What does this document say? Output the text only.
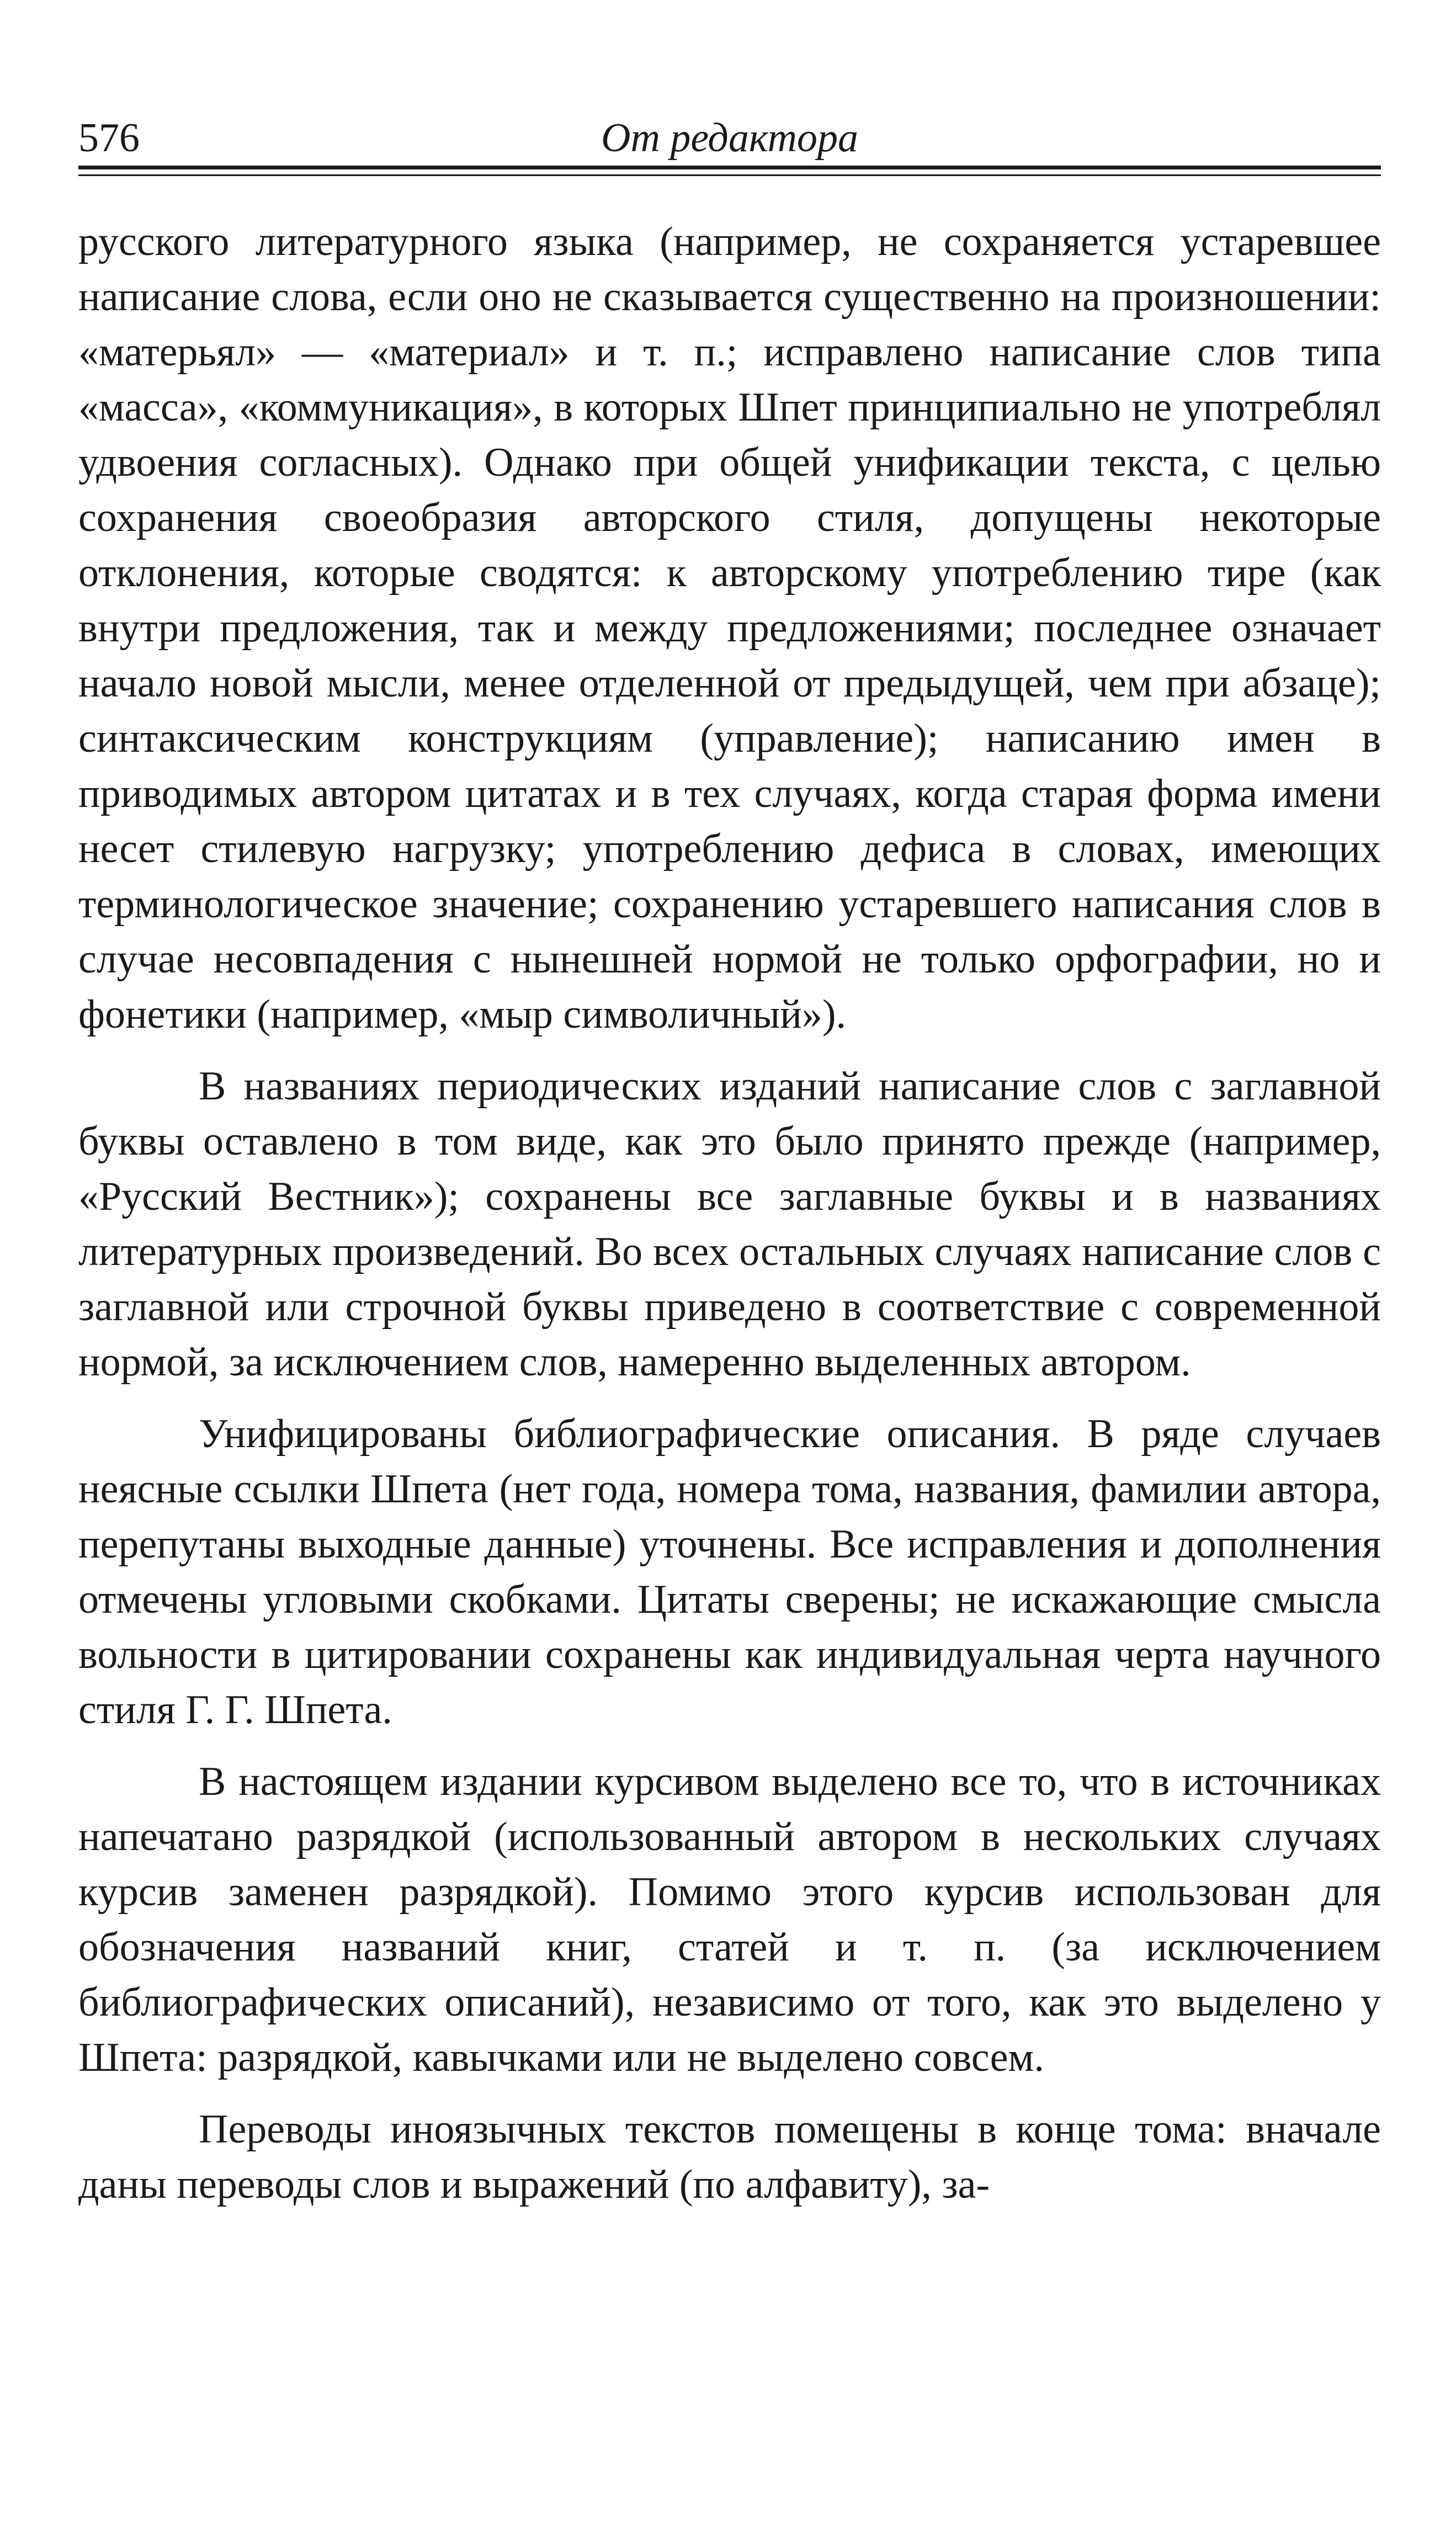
576	От редактора

русского литературного языка (например, не сохраняется устаревшее написание слова, если оно не сказывается существенно на произношении: «матерьял» — «материал» и т. п.; исправлено написание слов типа «масса», «коммуникация», в которых Шпет принципиально не употреблял удвоения согласных). Однако при общей унификации текста, с целью сохранения своеобразия авторского стиля, допущены некоторые отклонения, которые сводятся: к авторскому употреблению тире (как внутри предложения, так и между предложениями; последнее означает начало новой мысли, менее отделенной от предыдущей, чем при абзаце); синтаксическим конструкциям (управление); написанию имен в приводимых автором цитатах и в тех случаях, когда старая форма имени несет стилевую нагрузку; употреблению дефиса в словах, имеющих терминологическое значение; сохранению устаревшего написания слов в случае несовпадения с нынешней нормой не только орфографии, но и фонетики (например, «мыр символичный»).

В названиях периодических изданий написание слов с заглавной буквы оставлено в том виде, как это было принято прежде (например, «Русский Вестник»); сохранены все заглавные буквы и в названиях литературных произведений. Во всех остальных случаях написание слов с заглавной или строчной буквы приведено в соответствие с современной нормой, за исключением слов, намеренно выделенных автором.

Унифицированы библиографические описания. В ряде случаев неясные ссылки Шпета (нет года, номера тома, названия, фамилии автора, перепутаны выходные данные) уточнены. Все исправления и дополнения отмечены угловыми скобками. Цитаты сверены; не искажающие смысла вольности в цитировании сохранены как индивидуальная черта научного стиля Г. Г. Шпета.

В настоящем издании курсивом выделено все то, что в источниках напечатано разрядкой (использованный автором в нескольких случаях курсив заменен разрядкой). Помимо этого курсив использован для обозначения названий книг, статей и т. п. (за исключением библиографических описаний), независимо от того, как это выделено у Шпета: разрядкой, кавычками или не выделено совсем.

Переводы иноязычных текстов помещены в конце тома: вначале даны переводы слов и выражений (по алфавиту), за-
